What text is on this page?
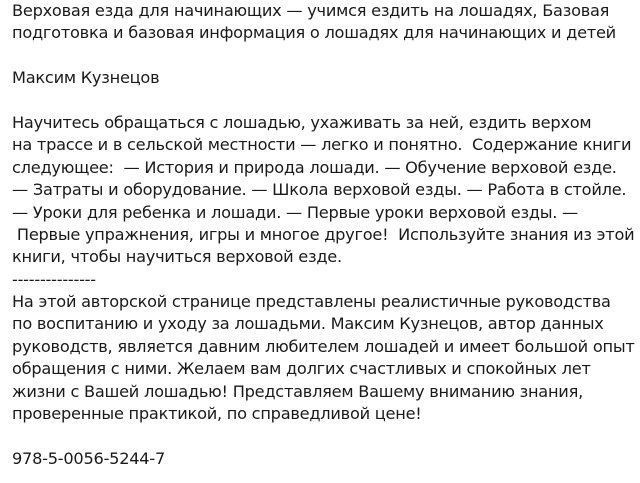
Верховая езда для начинающих — учимся ездить на лошадях, Базовая
подготовка и базовая информация о лошадях для начинающих и детей
Максим Кузнецов
Научитесь обращаться с лошадью, ухаживать за ней, ездить верхом
на трассе и в сельской местности — легко и понятно.  Содержание книги
следующее:  — История и природа лошади. — Обучение верховой езде.
— Затраты и оборудование. — Школа верховой езды. — Работа в стойле.
— Уроки для ребенка и лошади. — Первые уроки верховой езды. —
Первые упражнения, игры и многое другое!  Используйте знания из этой
книги, чтобы научиться верховой езде.
---------------
На этой авторской странице представлены реалистичные руководства
по воспитанию и уходу за лошадьми. Максим Кузнецов, автор данных
руководств, является давним любителем лошадей и имеет большой опыт
обращения с ними. Желаем вам долгих счастливых и спокойных лет
жизни с Вашей лошадью! Представляем Вашему вниманию знания,
проверенные практикой, по справедливой цене!
978-5-0056-5244-7
